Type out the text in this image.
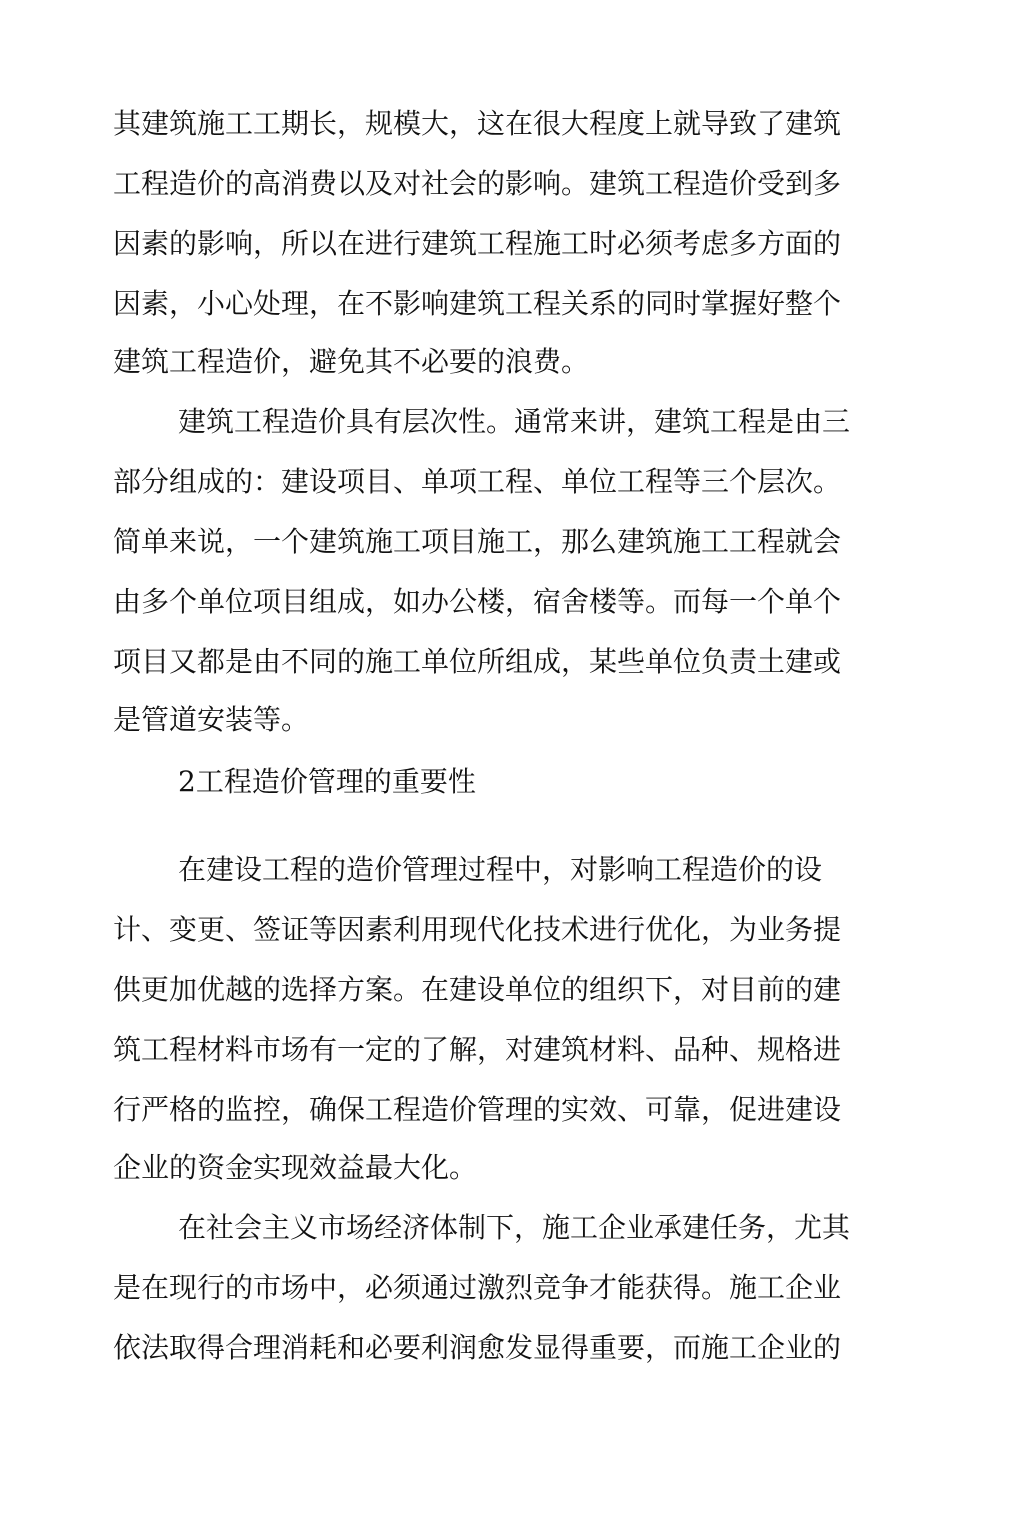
其建筑施工工期长，规模大，这在很大程度上就导致了建筑
工程造价的高消费以及对社会的影响。建筑工程造价受到多
因素的影响，所以在进行建筑工程施工时必须考虑多方面的
因素，小心处理，在不影响建筑工程关系的同时掌握好整个
建筑工程造价，避免其不必要的浪费。
建筑工程造价具有层次性。通常来讲，建筑工程是由三
部分组成的：建设项目、单项工程、单位工程等三个层次。
简单来说，一个建筑施工项目施工，那么建筑施工工程就会
由多个单位项目组成，如办公楼，宿舍楼等。而每一个单个
项目又都是由不同的施工单位所组成，某些单位负责土建或
是管道安装等。
2工程造价管理的重要性
在建设工程的造价管理过程中，对影响工程造价的设
计、变更、签证等因素利用现代化技术进行优化，为业务提
供更加优越的选择方案。在建设单位的组织下，对目前的建
筑工程材料市场有一定的了解，对建筑材料、品种、规格进
行严格的监控，确保工程造价管理的实效、可靠，促进建设
企业的资金实现效益最大化。
在社会主义市场经济体制下，施工企业承建任务，尤其
是在现行的市场中，必须通过激烈竞争才能获得。施工企业
依法取得合理消耗和必要利润愈发显得重要，而施工企业的
